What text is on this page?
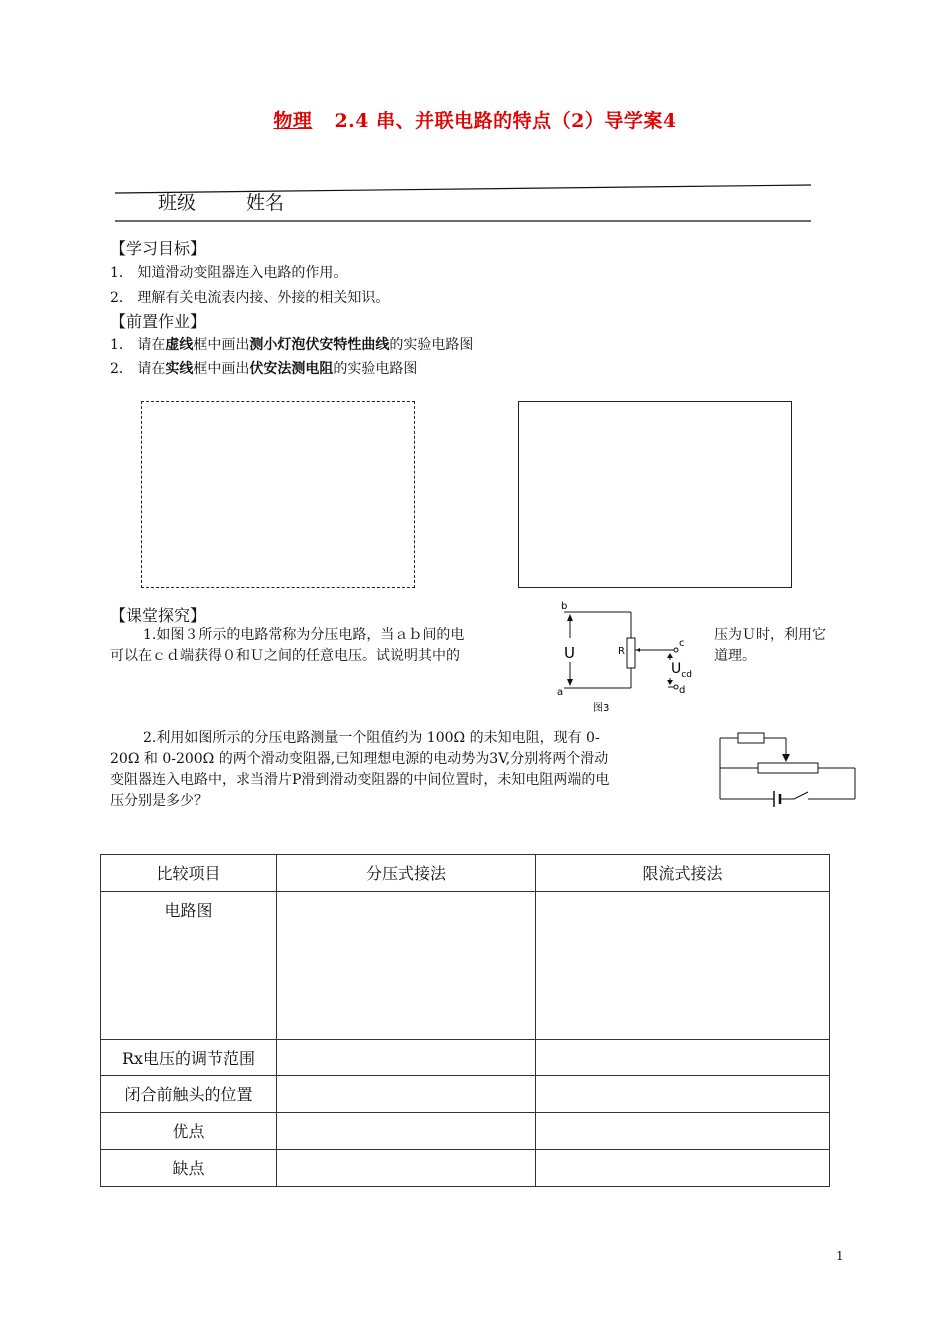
物理 2.4 串、并联电路的特点（2）导学案4
班级	姓名
【学习目标】
1． 知道滑动变阻器连入电路的作用。
2． 理解有关电流表内接、外接的相关知识。
【前置作业】
1． 请在虚线框中画出测小灯泡伏安特性曲线的实验电路图
2． 请在实线框中画出伏安法测电阻的实验电路图
【课堂探究】
1.如图３所示的电路常称为分压电路，当ａｂ间的电
可以在ｃｄ端获得０和Ｕ之间的任意电压。试说明其中的
压为Ｕ时，利用它
道理。
b
a
U	R
c
d
$U_{cd}$
图3
2.利用如图所示的分压电路测量一个阻值约为 100Ω 的未知电阻，现有 0-
20Ω 和 0-200Ω 的两个滑动变阻器,已知理想电源的电动势为3V,分别将两个滑动
变阻器连入电路中，求当滑片P滑到滑动变阻器的中间位置时，未知电阻两端的电
压分别是多少？
比较项目	分压式接法	限流式接法
电路图		
Rx电压的调节范围		
闭合前触头的位置		
优点		
缺点		
1
